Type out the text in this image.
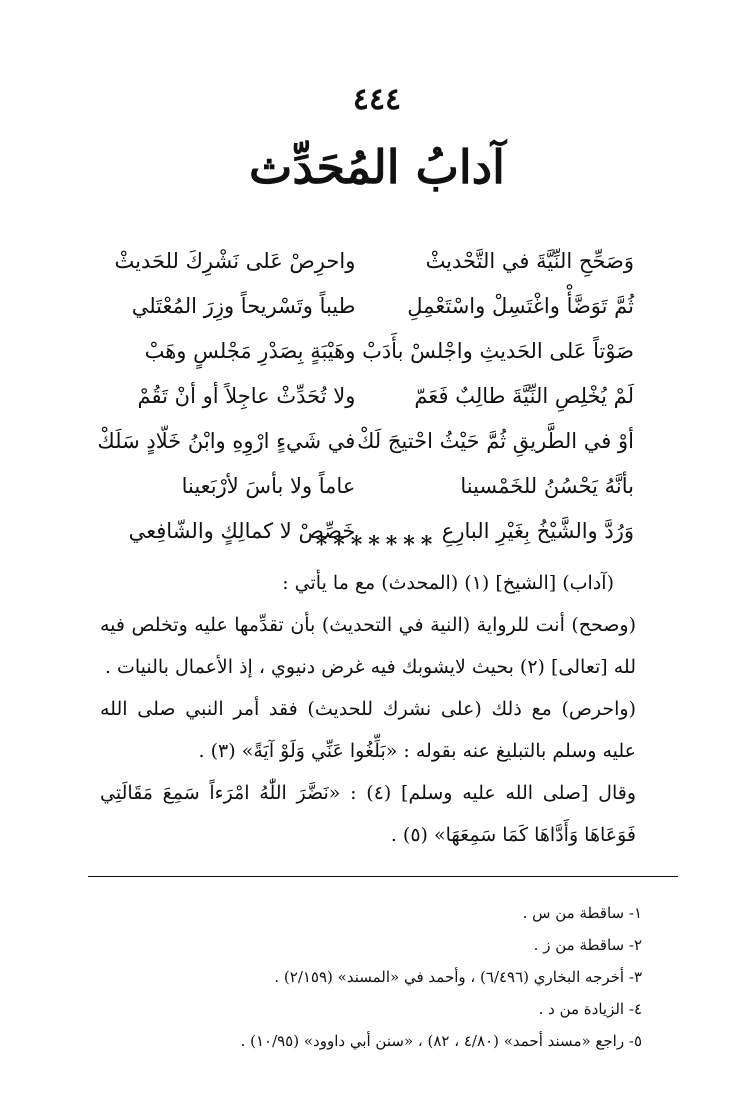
٤٤٤
آدابُ المُحَدِّث
وَصَحِّحِ النِّيَّةَ في التَّحْديثْ
واحرِصْ عَلى نَشْرِكَ للحَديثْ
ثُمَّ تَوَضَّأْ واغْتَسِلْ واسْتَعْمِلِ
طيباً وتَسْريحاً وزِرَ المُعْتَلي
صَوْتاً عَلى الحَديثِ واجْلسْ بأَدَبْ
وهَيْبَةٍ بِصَدْرِ مَجْلسٍ وهَبْ
لَمْ يُخْلِصِ النِّيَّةَ طالِبٌ فَعَمّ
ولا تُحَدِّثْ عاجِلاً أو أنْ تَقُمْ
أوْ في الطَّريقِ ثُمَّ حَيْثُ احْتيجَ لَكْ
في شَيءٍ ارْوِهِ وابْنُ خَلّادٍ سَلَكْ
بأنَّهُ يَحْسُنُ للخَمْسينا
عاماً ولا بأسَ لأرْبَعينا
وَرُدَّ والشَّيْخُ بِغَيْرِ البارِعِ
خَصِّصْ لا كمالِكٍ والشّافِعي
*******

(آداب) [الشيخ] (١) (المحدث) مع ما يأتي :

(وصحح) أنت للرواية (النية في التحديث) بأن تقدِّمها عليه وتخلص فيه لله [تعالى] (٢) بحيث لايشوبك فيه غرض دنيوي ، إذ الأعمال بالنيات .

(واحرص) مع ذلك (على نشرك للحديث) فقد أمر النبي صلى الله عليه وسلم بالتبليغ عنه بقوله : «بَلِّغُوا عَنِّي وَلَوْ آيَةً» (٣) .

وقال [صلى الله عليه وسلم] (٤) : «نَضَّرَ اللّٰهُ امْرَءاً سَمِعَ مَقَالَتِي فَوَعَاهَا وَأَدَّاهَا كَمَا سَمِعَهَا» (٥) .

١- ساقطة من س .
٢- ساقطة من ز .
٣- أخرجه البخاري (٦/٤٩٦) ، وأحمد في «المسند» (٢/١٥٩) .
٤- الزيادة من د .
٥- راجع «مسند أحمد» (٤/٨٠ ، ٨٢) ، «سنن أبي داوود» (١٠/٩٥) .
